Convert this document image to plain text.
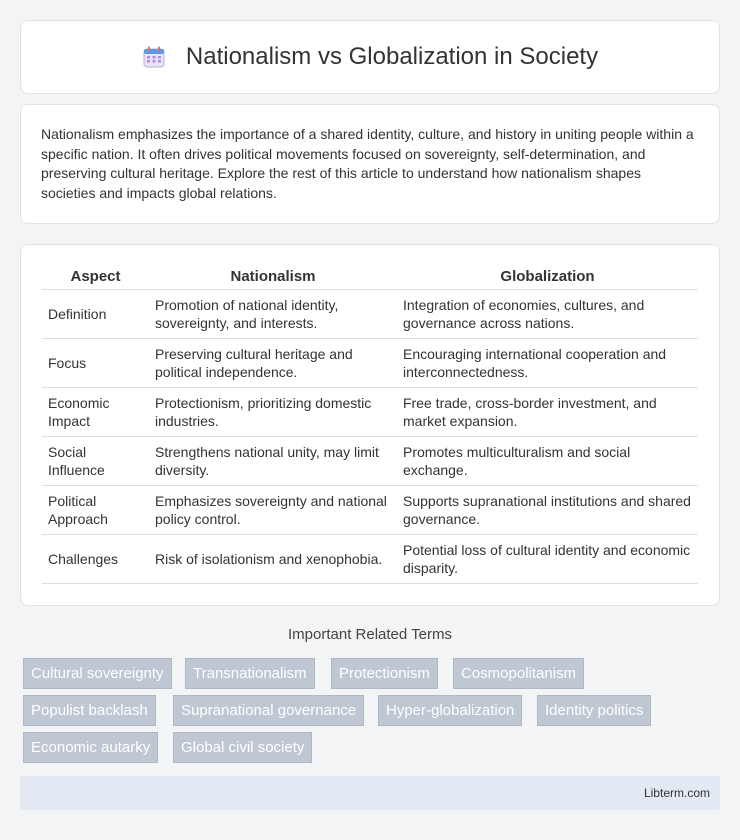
Nationalism vs Globalization in Society

Nationalism emphasizes the importance of a shared identity, culture, and history in uniting people within a specific nation. It often drives political movements focused on sovereignty, self-determination, and preserving cultural heritage. Explore the rest of this article to understand how nationalism shapes societies and impacts global relations.

Aspect	Nationalism	Globalization
Definition	Promotion of national identity, sovereignty, and interests.	Integration of economies, cultures, and governance across nations.
Focus	Preserving cultural heritage and political independence.	Encouraging international cooperation and interconnectedness.
Economic Impact	Protectionism, prioritizing domestic industries.	Free trade, cross-border investment, and market expansion.
Social Influence	Strengthens national unity, may limit diversity.	Promotes multiculturalism and social exchange.
Political Approach	Emphasizes sovereignty and national policy control.	Supports supranational institutions and shared governance.
Challenges	Risk of isolationism and xenophobia.	Potential loss of cultural identity and economic disparity.
Important Related Terms
Cultural sovereignty	Transnationalism	Protectionism	Cosmopolitanism
Populist backlash	Supranational governance	Hyper-globalization	Identity politics
Economic autarky	Global civil society
Libterm.com
